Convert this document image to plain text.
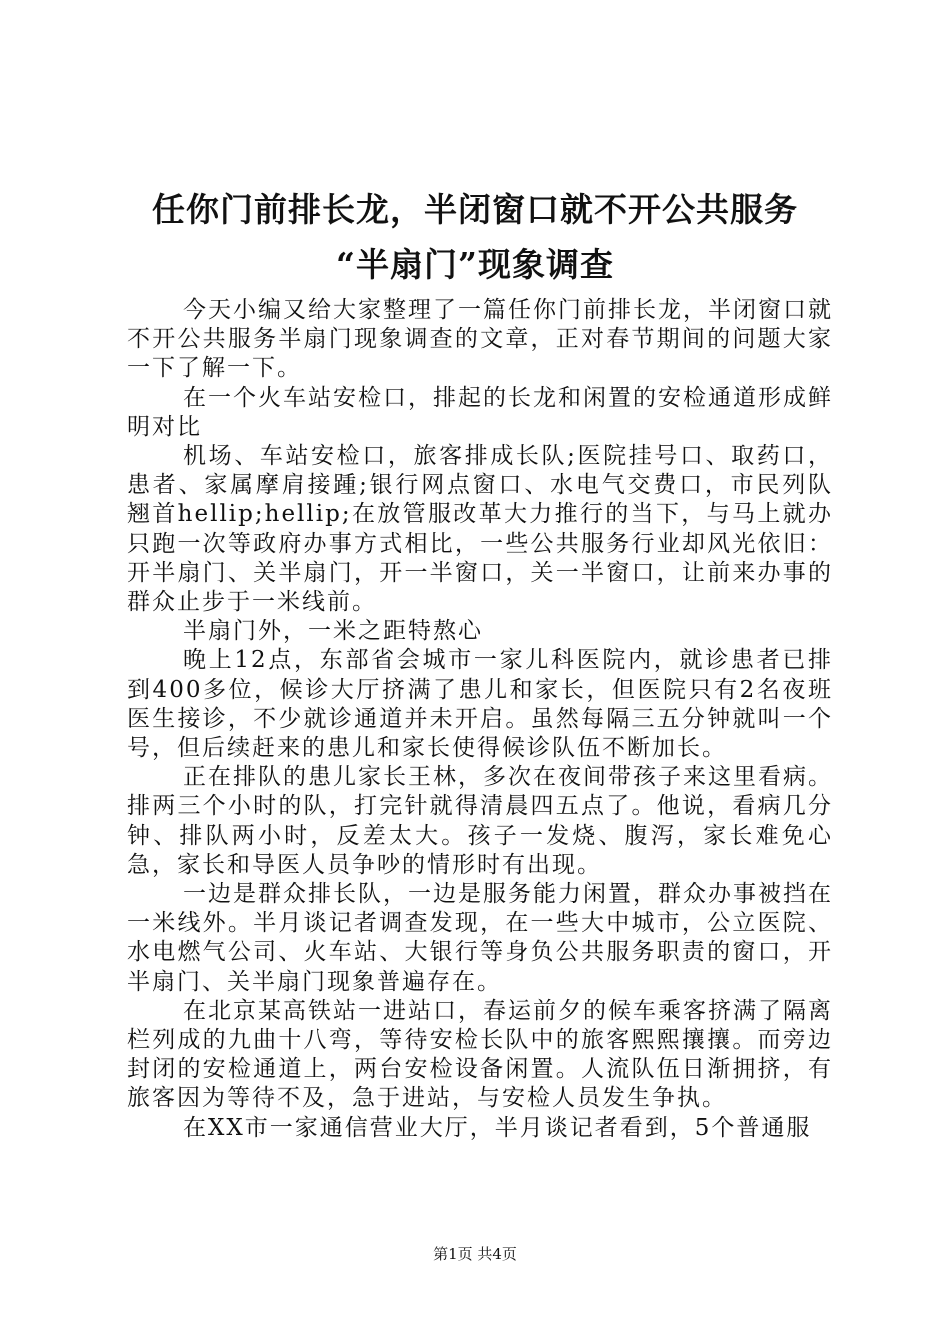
任你门前排长龙，半闭窗口就不开公共服务
“半扇门”现象调查

今天小编又给大家整理了一篇任你门前排长龙，半闭窗口就不开公共服务半扇门现象调查的文章，正对春节期间的问题大家一下了解一下。

在一个火车站安检口，排起的长龙和闲置的安检通道形成鲜明对比

机场、车站安检口，旅客排成长队;医院挂号口、取药口，患者、家属摩肩接踵;银行网点窗口、水电气交费口，市民列队翘首hellip;hellip;在放管服改革大力推行的当下，与马上就办只跑一次等政府办事方式相比，一些公共服务行业却风光依旧：开半扇门、关半扇门，开一半窗口，关一半窗口，让前来办事的群众止步于一米线前。

半扇门外，一米之距特熬心

晚上12点，东部省会城市一家儿科医院内，就诊患者已排到400多位，候诊大厅挤满了患儿和家长，但医院只有2名夜班医生接诊，不少就诊通道并未开启。虽然每隔三五分钟就叫一个号，但后续赶来的患儿和家长使得候诊队伍不断加长。

正在排队的患儿家长王林，多次在夜间带孩子来这里看病。排两三个小时的队，打完针就得清晨四五点了。他说，看病几分钟、排队两小时，反差太大。孩子一发烧、腹泻，家长难免心急，家长和导医人员争吵的情形时有出现。

一边是群众排长队，一边是服务能力闲置，群众办事被挡在一米线外。半月谈记者调查发现，在一些大中城市，公立医院、水电燃气公司、火车站、大银行等身负公共服务职责的窗口，开半扇门、关半扇门现象普遍存在。

在北京某高铁站一进站口，春运前夕的候车乘客挤满了隔离栏列成的九曲十八弯，等待安检长队中的旅客熙熙攘攘。而旁边封闭的安检通道上，两台安检设备闲置。人流队伍日渐拥挤，有旅客因为等待不及，急于进站，与安检人员发生争执。

在XX市一家通信营业大厅，半月谈记者看到，5个普通服

第1页 共4页
